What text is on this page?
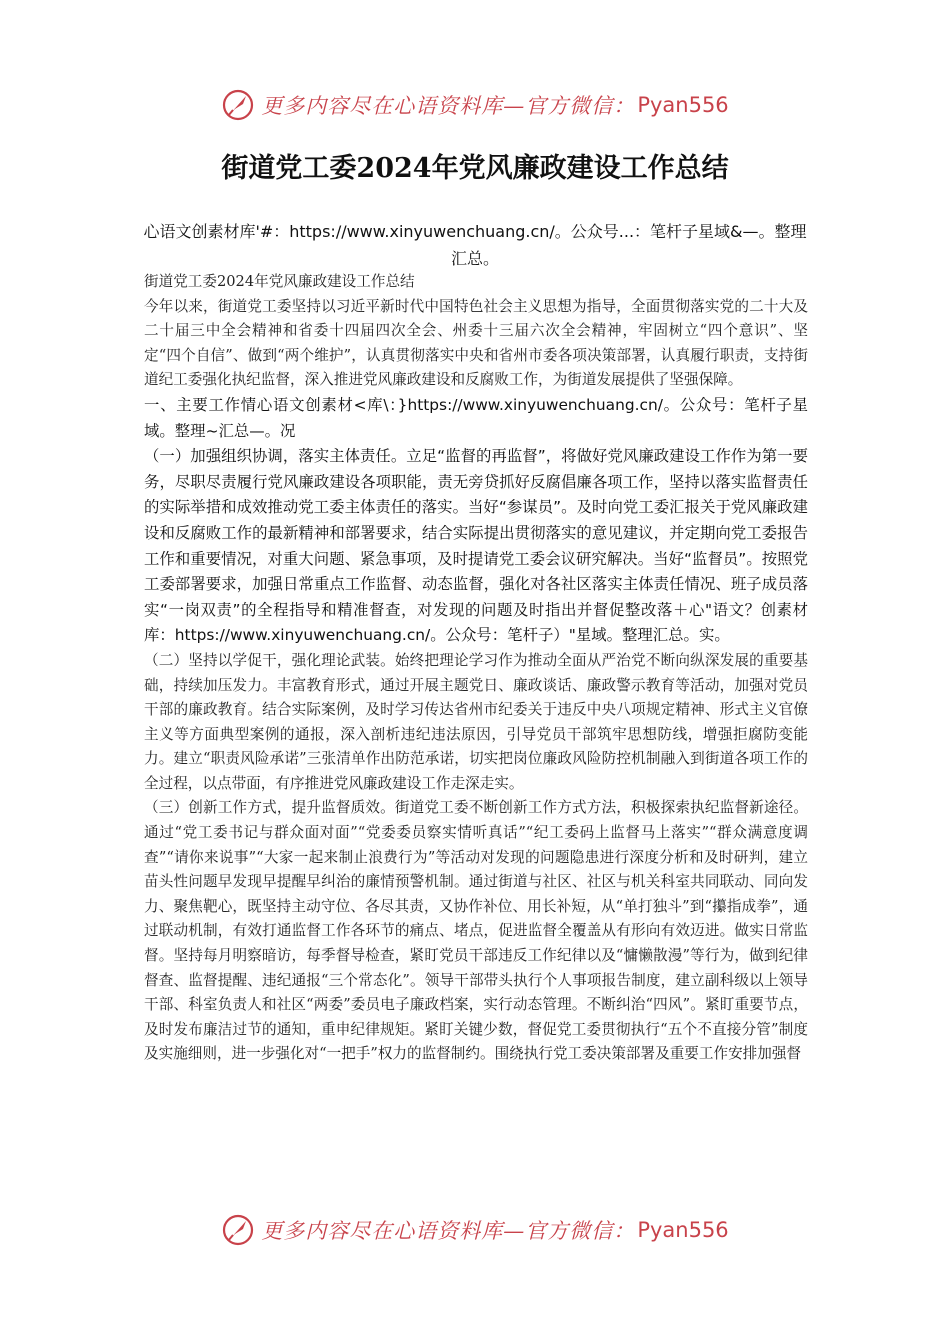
更多内容尽在心语资料库—官方微信： Pyan556
街道党工委2024年党风廉政建设工作总结
心语文创素材库'#：https://www.xinyuwenchuang.cn/。公众号...：笔杆子星域&—。整理汇总。

街道党工委2024年党风廉政建设工作总结

今年以来，街道党工委坚持以习近平新时代中国特色社会主义思想为指导，全面贯彻落实党的二十大及二十届三中全会精神和省委十四届四次全会、州委十三届六次全会精神，牢固树立“四个意识”、坚定“四个自信”、做到“两个维护”，认真贯彻落实中央和省州市委各项决策部署，认真履行职责，支持街道纪工委强化执纪监督，深入推进党风廉政建设和反腐败工作，为街道发展提供了坚强保障。

一、主要工作情心语文创素材<库\：}https://www.xinyuwenchuang.cn/。公众号：笔杆子星域。整理~汇总—。况

（一）加强组织协调，落实主体责任。立足“监督的再监督”，将做好党风廉政建设工作作为第一要务，尽职尽责履行党风廉政建设各项职能，责无旁贷抓好反腐倡廉各项工作，坚持以落实监督责任的实际举措和成效推动党工委主体责任的落实。当好“参谋员”。及时向党工委汇报关于党风廉政建设和反腐败工作的最新精神和部署要求，结合实际提出贯彻落实的意见建议，并定期向党工委报告工作和重要情况，对重大问题、紧急事项，及时提请党工委会议研究解决。当好“监督员”。按照党工委部署要求，加强日常重点工作监督、动态监督，强化对各社区落实主体责任情况、班子成员落实“一岗双责”的全程指导和精准督查，对发现的问题及时指出并督促整改落＋心"语文？创素材库：https://www.xinyuwenchuang.cn/。公众号：笔杆子）"星域。整理汇总。实。

（二）坚持以学促干，强化理论武装。始终把理论学习作为推动全面从严治党不断向纵深发展的重要基础，持续加压发力。丰富教育形式，通过开展主题党日、廉政谈话、廉政警示教育等活动，加强对党员干部的廉政教育。结合实际案例，及时学习传达省州市纪委关于违反中央八项规定精神、形式主义官僚主义等方面典型案例的通报，深入剖析违纪违法原因，引导党员干部筑牢思想防线，增强拒腐防变能力。建立“职责风险承诺”三张清单作出防范承诺，切实把岗位廉政风险防控机制融入到街道各项工作的全过程，以点带面，有序推进党风廉政建设工作走深走实。

（三）创新工作方式，提升监督质效。街道党工委不断创新工作方式方法，积极探索执纪监督新途径。通过“党工委书记与群众面对面”“党委委员察实情听真话”“纪工委码上监督马上落实”“群众满意度调查”“请你来说事”“大家一起来制止浪费行为”等活动对发现的问题隐患进行深度分析和及时研判，建立苗头性问题早发现早提醒早纠治的廉情预警机制。通过街道与社区、社区与机关科室共同联动、同向发力、聚焦靶心，既坚持主动守位、各尽其责，又协作补位、用长补短，从“单打独斗”到“攥指成拳”，通过联动机制，有效打通监督工作各环节的痛点、堵点，促进监督全覆盖从有形向有效迈进。做实日常监督。坚持每月明察暗访，每季督导检查，紧盯党员干部违反工作纪律以及“慵懒散漫”等行为，做到纪律督查、监督提醒、违纪通报“三个常态化”。领导干部带头执行个人事项报告制度，建立副科级以上领导干部、科室负责人和社区“两委”委员电子廉政档案，实行动态管理。不断纠治“四风”。紧盯重要节点，及时发布廉洁过节的通知，重申纪律规矩。紧盯关键少数，督促党工委贯彻执行“五个不直接分管”制度及实施细则，进一步强化对“一把手”权力的监督制约。围绕执行党工委决策部署及重要工作安排加强督

更多内容尽在心语资料库—官方微信： Pyan556
